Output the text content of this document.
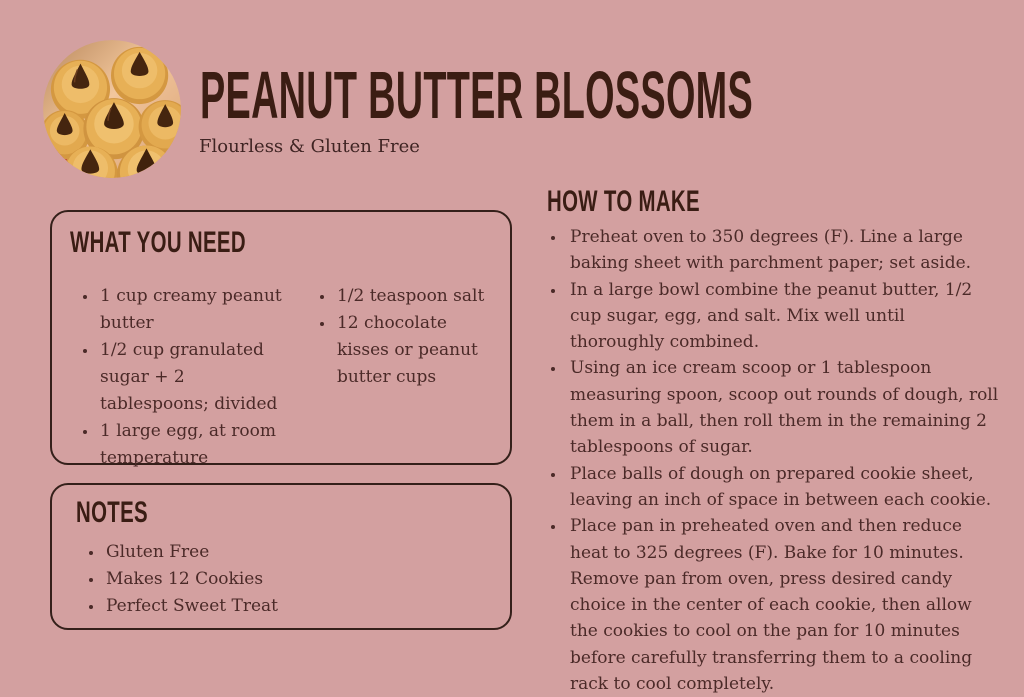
PEANUT BUTTER BLOSSOMS
Flourless & Gluten Free
WHAT YOU NEED
• 1 cup creamy peanut butter
• 1/2 cup granulated sugar + 2 tablespoons; divided
• 1 large egg, at room temperature
• 1/2 teaspoon salt
• 12 chocolate kisses or peanut butter cups
NOTES
• Gluten Free
• Makes 12 Cookies
• Perfect Sweet Treat
HOW TO MAKE
• Preheat oven to 350 degrees (F). Line a large baking sheet with parchment paper; set aside.
• In a large bowl combine the peanut butter, 1/2 cup sugar, egg, and salt. Mix well until thoroughly combined.
• Using an ice cream scoop or 1 tablespoon measuring spoon, scoop out rounds of dough, roll them in a ball, then roll them in the remaining 2 tablespoons of sugar.
• Place balls of dough on prepared cookie sheet, leaving an inch of space in between each cookie.
• Place pan in preheated oven and then reduce heat to 325 degrees (F). Bake for 10 minutes. Remove pan from oven, press desired candy choice in the center of each cookie, then allow the cookies to cool on the pan for 10 minutes before carefully transferring them to a cooling rack to cool completely.
